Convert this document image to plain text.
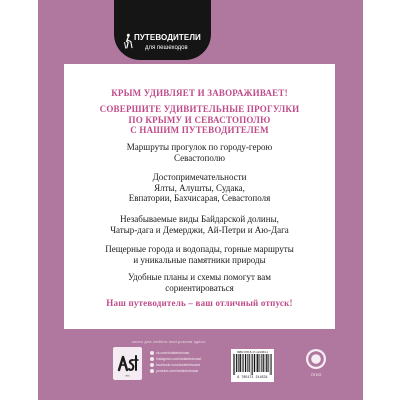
ПУТЕВОДИТЕЛИ
для пешеходов
КРЫМ УДИВЛЯЕТ И ЗАВОРАЖИВАЕТ!
СОВЕРШИТЕ УДИВИТЕЛЬНЫЕ ПРОГУЛКИ
ПО КРЫМУ И СЕВАСТОПОЛЮ
С НАШИМ ПУТЕВОДИТЕЛЕМ
Маршруты прогулок по городу-герою
Севастополю
Достопримечательности
Ялты, Алушты, Судака,
Евпатории, Бахчисарая, Севастополя
Незабываемые виды Байдарской долины,
Чатыр-дага и Демерджи, Ай-Петри и Аю-Дага
Пещерные города и водопады, горные маршруты
и уникальные памятники природы
Удобные планы и схемы помогут вам
сориентироваться
Наш путеводитель – ваш отличный отпуск!
книги для любого настроения здесь:
ast
vk.com/izdatelstvoast
instagram.com/izdatelstvoast
facebook.com/izdatelstvoast
youtube.com/izdatelstvoast
ISBN 978-5-17-121453-1
9 785171 214531
ОГИЗ
